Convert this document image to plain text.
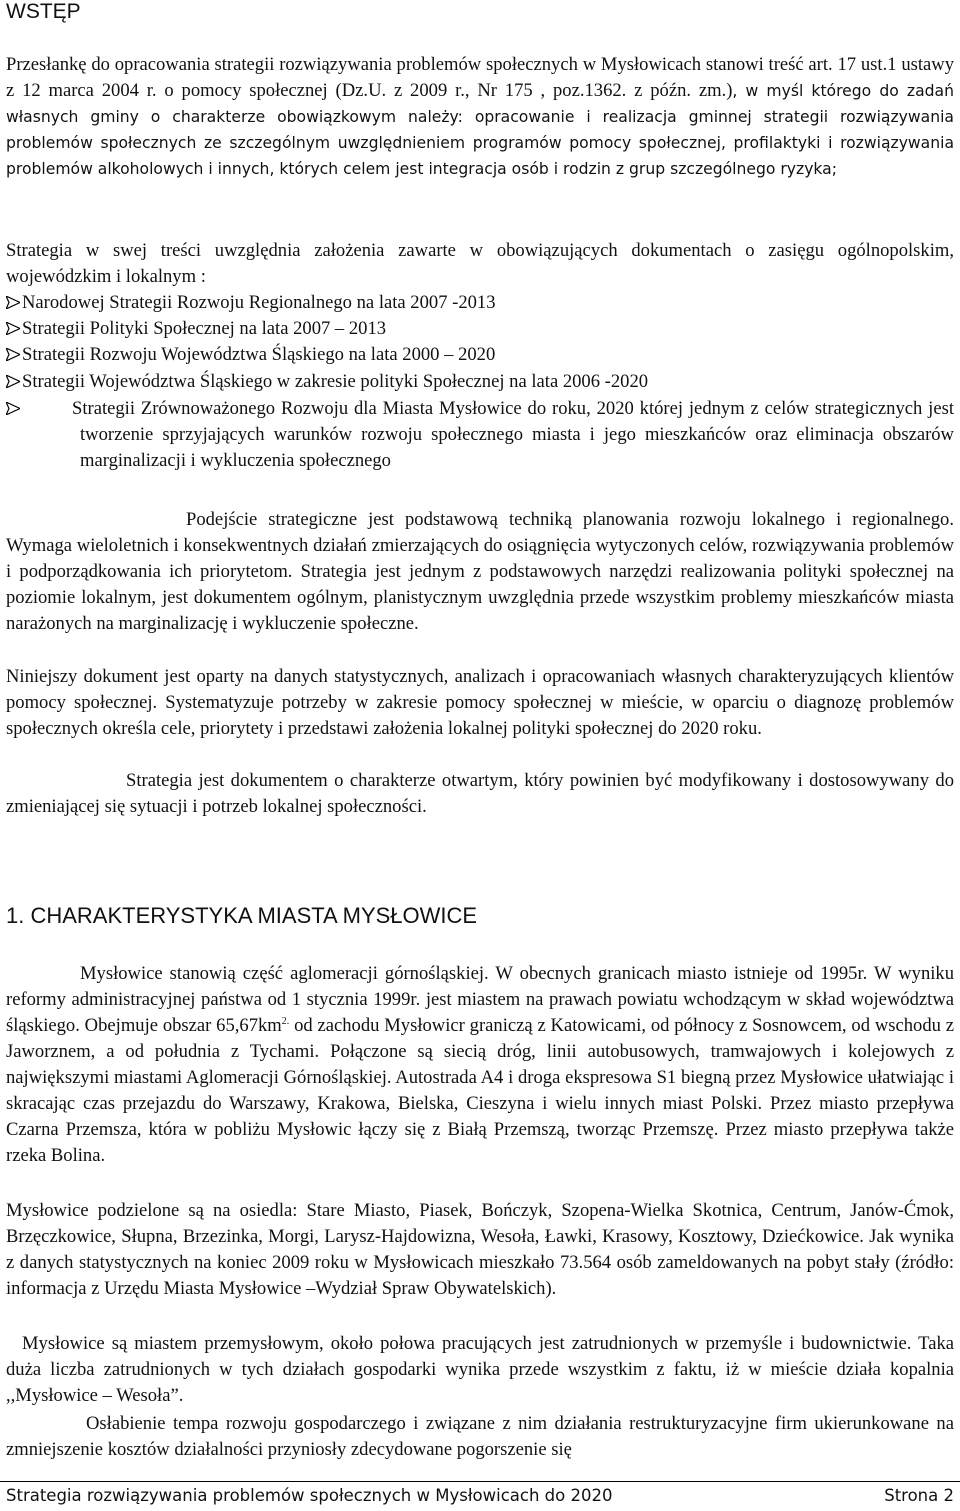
WSTĘP

Przesłankę do opracowania strategii rozwiązywania problemów społecznych w Mysłowicach stanowi treść art. 17 ust.1 ustawy z 12 marca 2004 r. o pomocy społecznej (Dz.U. z 2009 r., Nr 175 , poz.1362. z późn. zm.), w myśl którego do zadań własnych gminy o charakterze obowiązkowym należy: opracowanie i realizacja gminnej strategii rozwiązywania problemów społecznych ze szczególnym uwzględnieniem programów pomocy społecznej, profilaktyki i rozwiązywania problemów alkoholowych i innych, których celem jest integracja osób i rodzin z grup szczególnego ryzyka;

Strategia w swej treści uwzględnia założenia zawarte w obowiązujących dokumentach o zasięgu ogólnopolskim, wojewódzkim i lokalnym :

Narodowej Strategii Rozwoju Regionalnego na lata 2007 -2013

Strategii Polityki Społecznej na lata 2007 – 2013

Strategii Rozwoju Województwa Śląskiego na lata 2000 – 2020

Strategii Województwa Śląskiego w zakresie polityki Społecznej na lata 2006 -2020

Strategii Zrównoważonego Rozwoju dla Miasta Mysłowice do roku, 2020 której jednym z celów strategicznych jest tworzenie sprzyjających warunków rozwoju społecznego miasta i jego mieszkańców oraz eliminacja obszarów marginalizacji i wykluczenia społecznego

Podejście strategiczne jest podstawową techniką planowania rozwoju lokalnego i regionalnego. Wymaga wieloletnich i konsekwentnych działań zmierzających do osiągnięcia wytyczonych celów, rozwiązywania problemów i podporządkowania ich priorytetom. Strategia jest jednym z podstawowych narzędzi realizowania polityki społecznej na poziomie lokalnym, jest dokumentem ogólnym, planistycznym uwzględnia przede wszystkim problemy mieszkańców miasta narażonych na marginalizację i wykluczenie społeczne.

Niniejszy dokument jest oparty na danych statystycznych, analizach i opracowaniach własnych charakteryzujących klientów pomocy społecznej. Systematyzuje potrzeby w zakresie pomocy społecznej w mieście, w oparciu o diagnozę problemów społecznych określa cele, priorytety i przedstawi założenia lokalnej polityki społecznej do 2020 roku.

Strategia jest dokumentem o charakterze otwartym, który powinien być modyfikowany i dostosowywany do zmieniającej się sytuacji i potrzeb lokalnej społeczności.

1. CHARAKTERYSTYKA MIASTA MYSŁOWICE

Mysłowice stanowią część aglomeracji górnośląskiej. W obecnych granicach miasto istnieje od 1995r. W wyniku reformy administracyjnej państwa od 1 stycznia 1999r. jest miastem na prawach powiatu wchodzącym w skład województwa śląskiego. Obejmuje obszar $65,67km^{2.}$ od zachodu Mysłowicr graniczą z Katowicami, od północy z Sosnowcem, od wschodu z Jaworznem, a od południa z Tychami. Połączone są siecią dróg, linii autobusowych, tramwajowych i kolejowych z największymi miastami Aglomeracji Górnośląskiej. Autostrada A4 i droga ekspresowa S1 biegną przez Mysłowice ułatwiając i skracając czas przejazdu do Warszawy, Krakowa, Bielska, Cieszyna i wielu innych miast Polski. Przez miasto przepływa Czarna Przemsza, która w pobliżu Mysłowic łączy się z Białą Przemszą, tworząc Przemszę. Przez miasto przepływa także rzeka Bolina.

Mysłowice podzielone są na osiedla: Stare Miasto, Piasek, Bończyk, Szopena-Wielka Skotnica, Centrum, Janów-Ćmok, Brzęczkowice, Słupna, Brzezinka, Morgi, Larysz-Hajdowizna, Wesoła, Ławki, Krasowy, Kosztowy, Dziećkowice. Jak wynika z danych statystycznych na koniec 2009 roku w Mysłowicach mieszkało 73.564 osób zameldowanych na pobyt stały (źródło: informacja z Urzędu Miasta Mysłowice –Wydział Spraw Obywatelskich).

Mysłowice są miastem przemysłowym, około połowa pracujących jest zatrudnionych w przemyśle i budownictwie. Taka duża liczba zatrudnionych w tych działach gospodarki wynika przede wszystkim z faktu, iż w mieście działa kopalnia ,,Mysłowice – Wesoła”.

Osłabienie tempa rozwoju gospodarczego i związane z nim działania restrukturyzacyjne firm ukierunkowane na zmniejszenie kosztów działalności przyniosły zdecydowane pogorszenie się

Strategia rozwiązywania problemów społecznych w Mysłowicach do 2020	Strona 2
